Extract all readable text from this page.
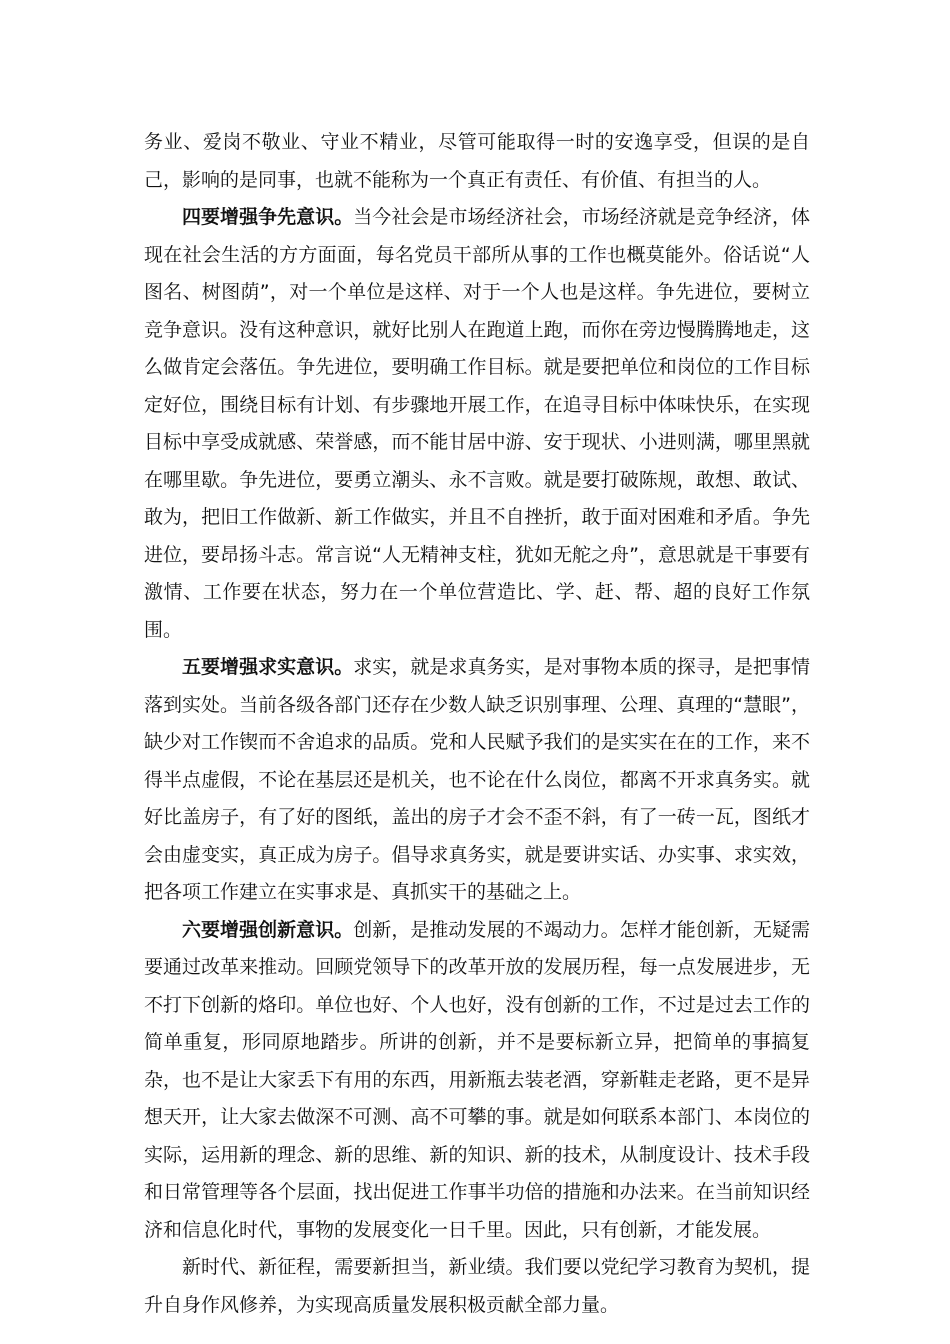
务业、爱岗不敬业、守业不精业，尽管可能取得一时的安逸享受，但误的是自己，影响的是同事，也就不能称为一个真正有责任、有价值、有担当的人。

四要增强争先意识。当今社会是市场经济社会，市场经济就是竞争经济，体现在社会生活的方方面面，每名党员干部所从事的工作也概莫能外。俗话说“人图名、树图荫”，对一个单位是这样、对于一个人也是这样。争先进位，要树立竞争意识。没有这种意识，就好比别人在跑道上跑，而你在旁边慢腾腾地走，这么做肯定会落伍。争先进位，要明确工作目标。就是要把单位和岗位的工作目标定好位，围绕目标有计划、有步骤地开展工作，在追寻目标中体味快乐，在实现目标中享受成就感、荣誉感，而不能甘居中游、安于现状、小进则满，哪里黑就在哪里歇。争先进位，要勇立潮头、永不言败。就是要打破陈规，敢想、敢试、敢为，把旧工作做新、新工作做实，并且不自挫折，敢于面对困难和矛盾。争先进位，要昂扬斗志。常言说“人无精神支柱，犹如无舵之舟”，意思就是干事要有激情、工作要在状态，努力在一个单位营造比、学、赶、帮、超的良好工作氛围。

五要增强求实意识。求实，就是求真务实，是对事物本质的探寻，是把事情落到实处。当前各级各部门还存在少数人缺乏识别事理、公理、真理的“慧眼”，缺少对工作锲而不舍追求的品质。党和人民赋予我们的是实实在在的工作，来不得半点虚假，不论在基层还是机关，也不论在什么岗位，都离不开求真务实。就好比盖房子，有了好的图纸，盖出的房子才会不歪不斜，有了一砖一瓦，图纸才会由虚变实，真正成为房子。倡导求真务实，就是要讲实话、办实事、求实效，把各项工作建立在实事求是、真抓实干的基础之上。

六要增强创新意识。创新，是推动发展的不竭动力。怎样才能创新，无疑需要通过改革来推动。回顾党领导下的改革开放的发展历程，每一点发展进步，无不打下创新的烙印。单位也好、个人也好，没有创新的工作，不过是过去工作的简单重复，形同原地踏步。所讲的创新，并不是要标新立异，把简单的事搞复杂，也不是让大家丢下有用的东西，用新瓶去装老酒，穿新鞋走老路，更不是异想天开，让大家去做深不可测、高不可攀的事。就是如何联系本部门、本岗位的实际，运用新的理念、新的思维、新的知识、新的技术，从制度设计、技术手段和日常管理等各个层面，找出促进工作事半功倍的措施和办法来。在当前知识经济和信息化时代，事物的发展变化一日千里。因此，只有创新，才能发展。

新时代、新征程，需要新担当，新业绩。我们要以党纪学习教育为契机，提升自身作风修养，为实现高质量发展积极贡献全部力量。
